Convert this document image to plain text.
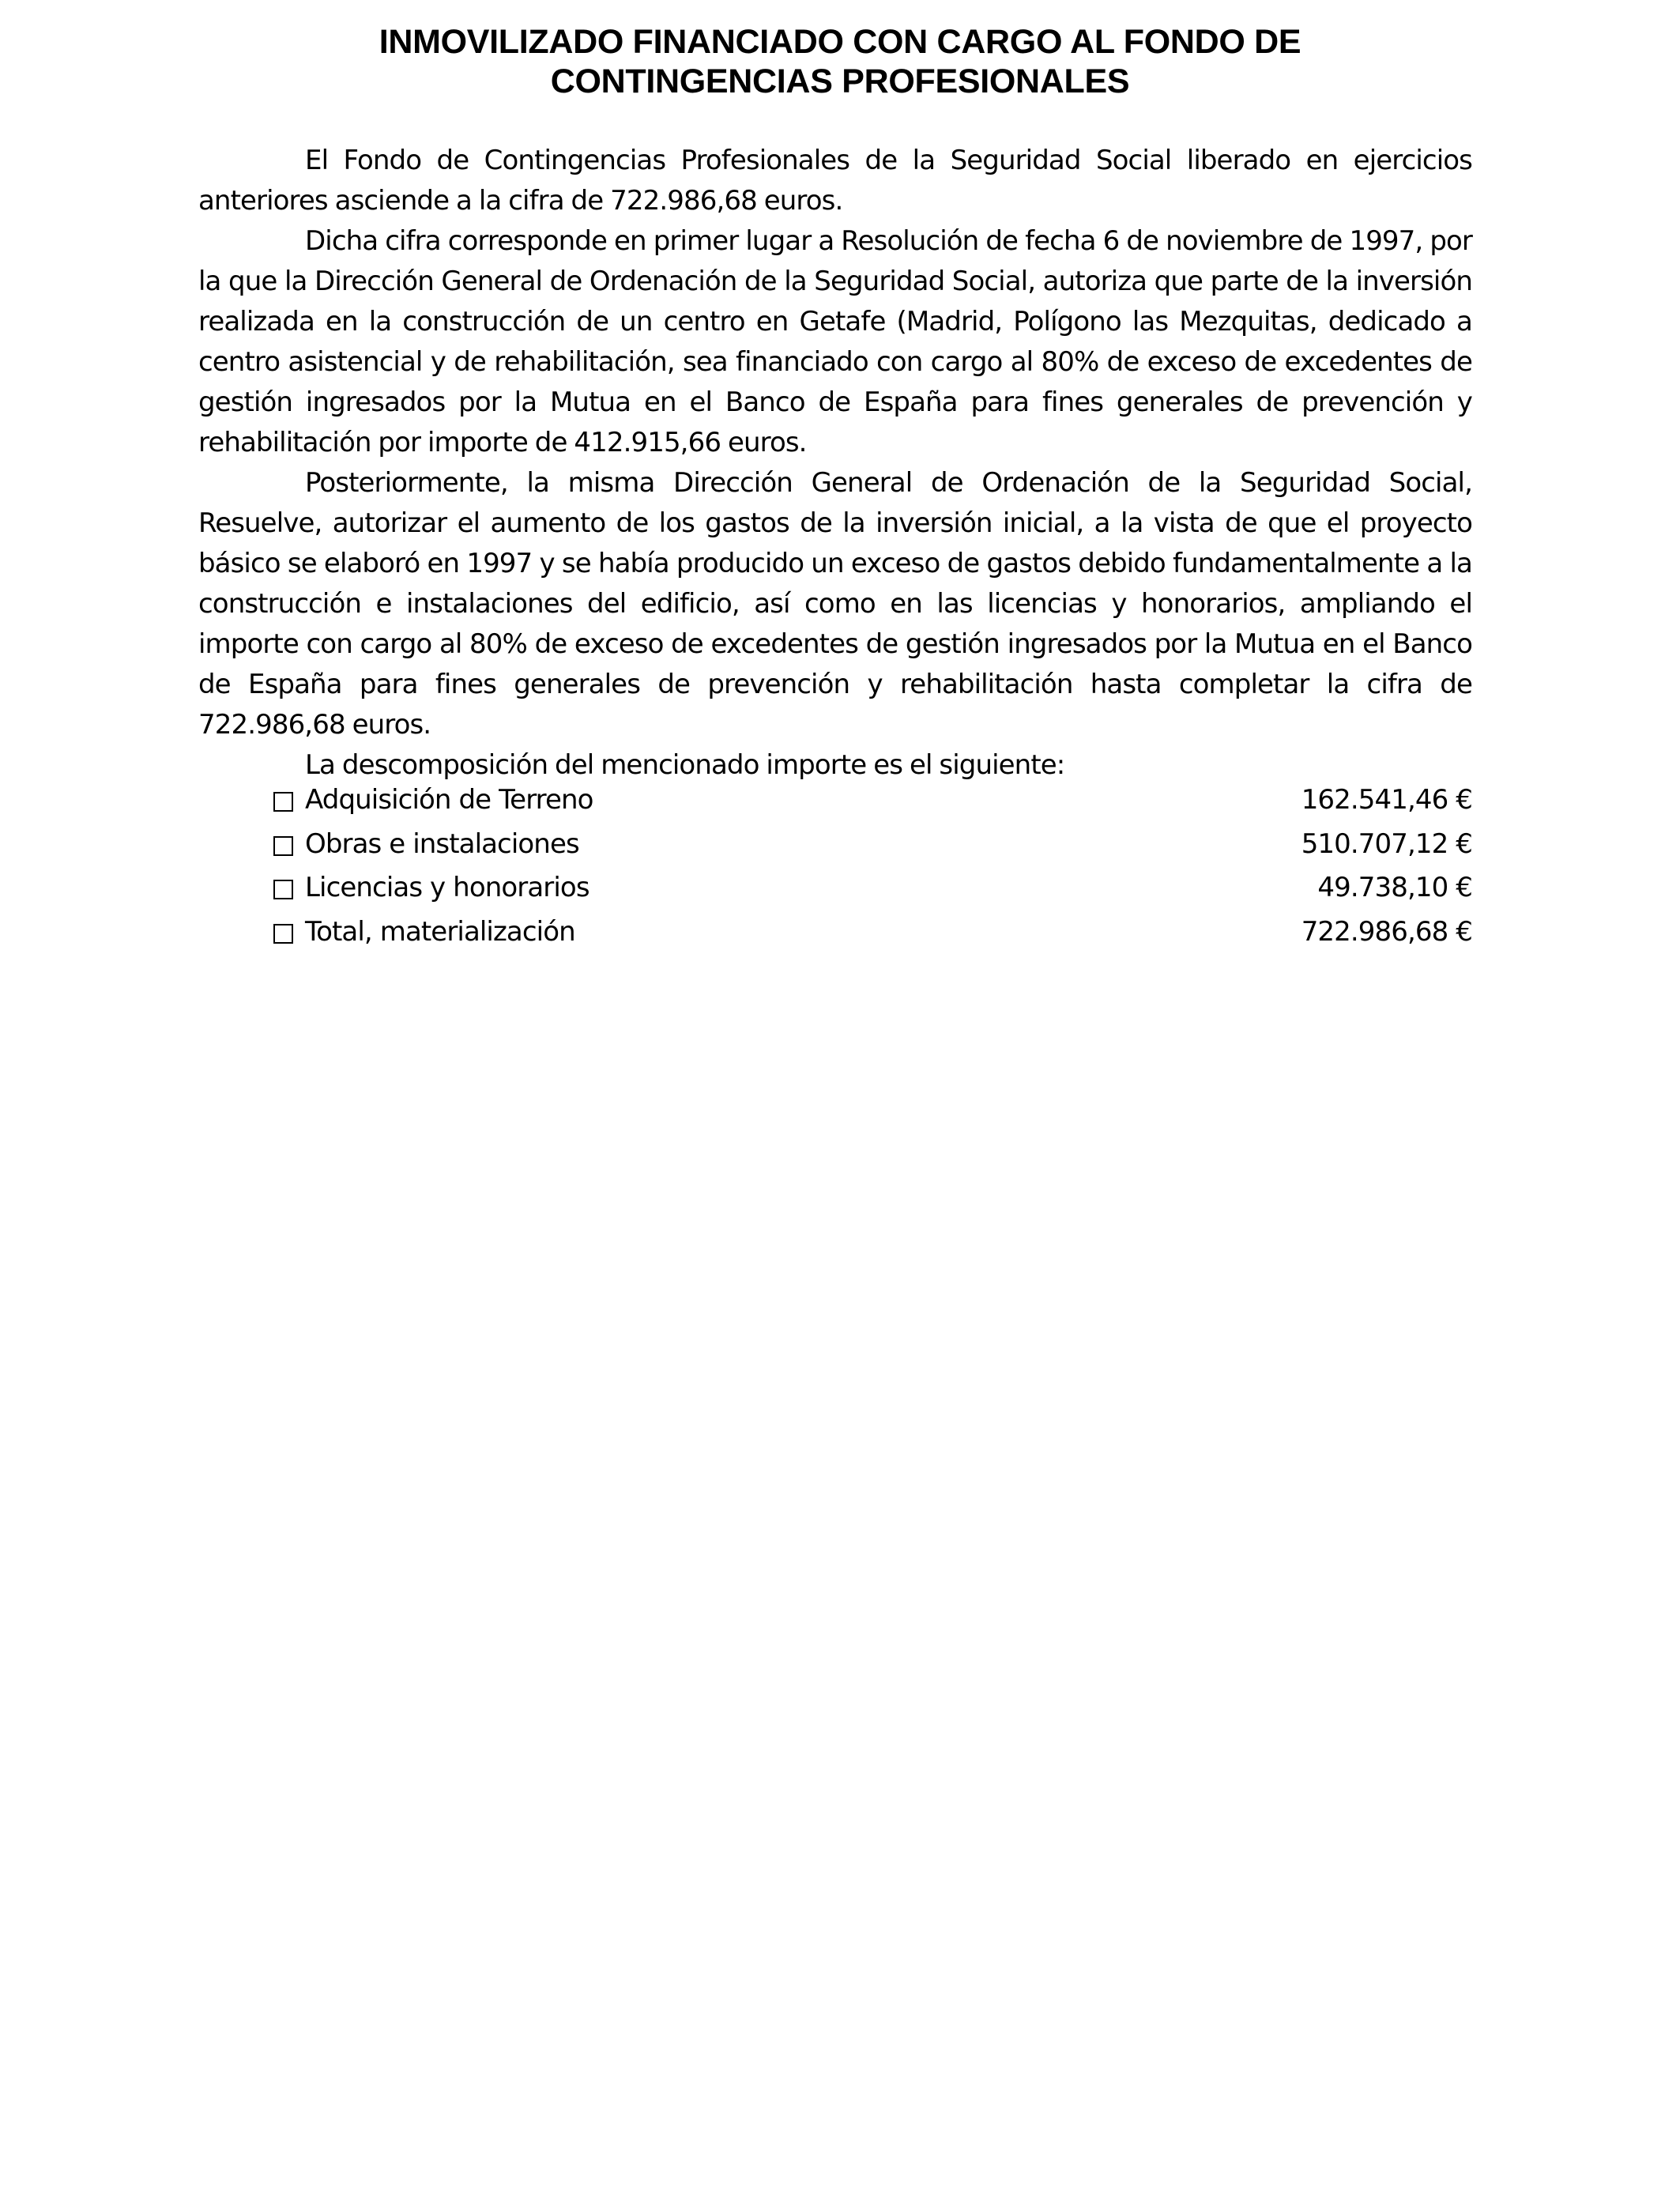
INMOVILIZADO FINANCIADO CON CARGO AL FONDO DE
CONTINGENCIAS PROFESIONALES

El Fondo de Contingencias Profesionales de la Seguridad Social liberado en ejercicios anteriores asciende a la cifra de 722.986,68 euros.

Dicha cifra corresponde en primer lugar a Resolución de fecha 6 de noviembre de 1997, por la que la Dirección General de Ordenación de la Seguridad Social, autoriza que parte de la inversión realizada en la construcción de un centro en Getafe (Madrid, Polígono las Mezquitas, dedicado a centro asistencial y de rehabilitación, sea financiado con cargo al 80% de exceso de excedentes de gestión ingresados por la Mutua en el Banco de España para fines generales de prevención y rehabilitación por importe de 412.915,66 euros.

Posteriormente, la misma Dirección General de Ordenación de la Seguridad Social, Resuelve, autorizar el aumento de los gastos de la inversión inicial, a la vista de que el proyecto básico se elaboró en 1997 y se había producido un exceso de gastos debido fundamentalmente a la construcción e instalaciones del edificio, así como en las licencias y honorarios, ampliando el importe con cargo al 80% de exceso de excedentes de gestión ingresados por la Mutua en el Banco de España para fines generales de prevención y rehabilitación hasta completar la cifra de 722.986,68 euros.

La descomposición del mencionado importe es el siguiente:

Adquisición de Terreno	162.541,46 €
Obras e instalaciones	510.707,12 €
Licencias y honorarios	49.738,10 €
Total, materialización	722.986,68 €
